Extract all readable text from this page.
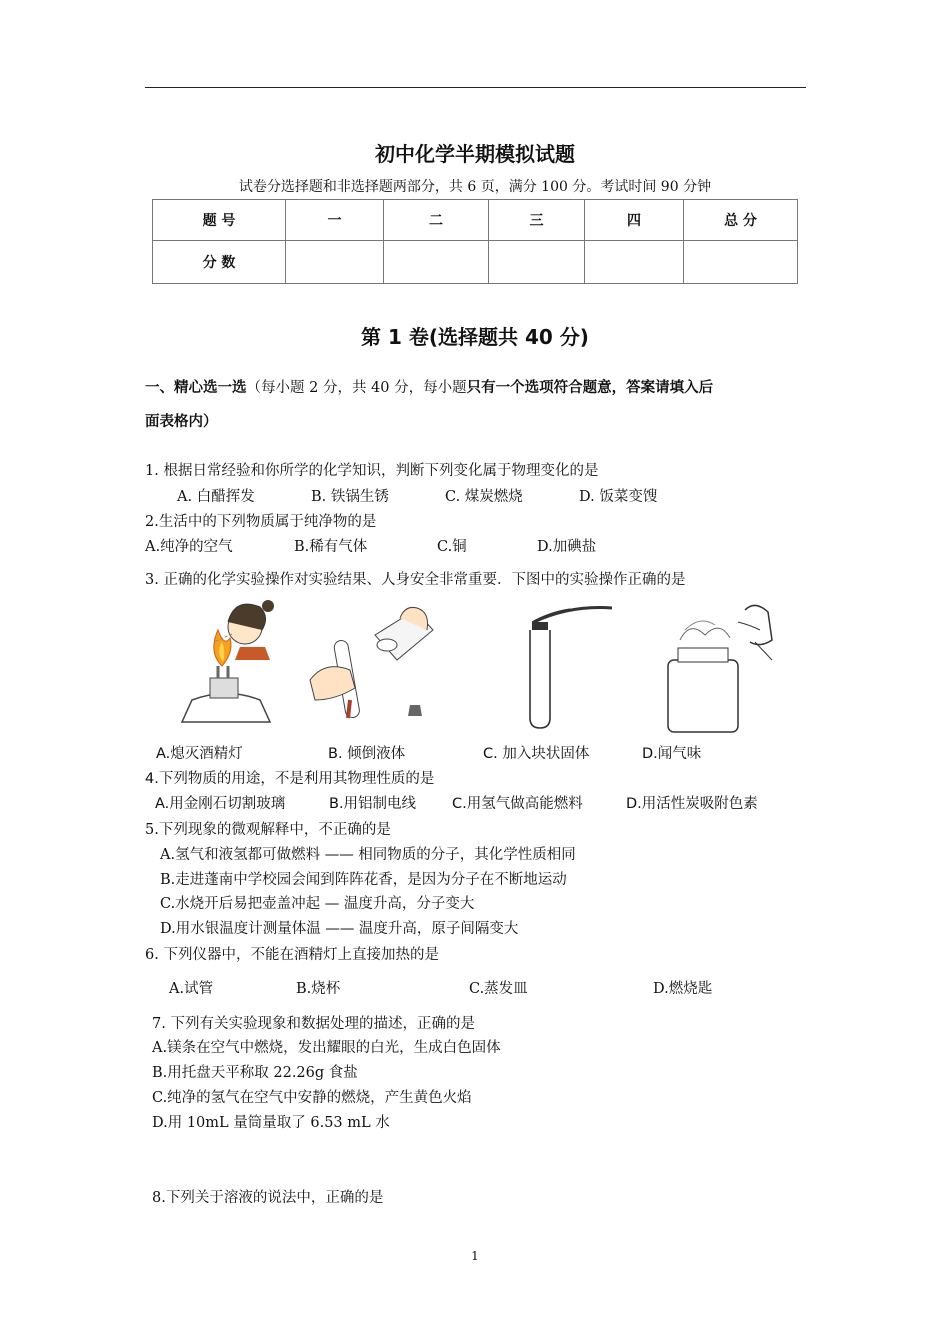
初中化学半期模拟试题
试卷分选择题和非选择题两部分，共 6 页，满分 100 分。考试时间 90 分钟
题 号	一	二	三	四	总 分
分 数					
第 1 卷(选择题共 40 分)
一、精心选一选（每小题 2 分，共 40 分，每小题只有一个选项符合题意，答案请填入后
面表格内）
1. 根据日常经验和你所学的化学知识，判断下列变化属于物理变化的是
A. 白醋挥发	B. 铁锅生锈	C. 煤炭燃烧	D. 饭菜变馊
2.生活中的下列物质属于纯净物的是
A.纯净的空气	B.稀有气体	C.铜	D.加碘盐
3. 正确的化学实验操作对实验结果、人身安全非常重要．下图中的实验操作正确的是
A.熄灭酒精灯	B. 倾倒液体	C. 加入块状固体	D.闻气味
4.下列物质的用途，不是利用其物理性质的是
A.用金刚石切割玻璃	B.用铝制电线 C.用氢气做高能燃料	D.用活性炭吸附色素
5.下列现象的微观解释中，不正确的是
A.氢气和液氢都可做燃料 —— 相同物质的分子，其化学性质相同
B.走进蓬南中学校园会闻到阵阵花香，是因为分子在不断地运动
C.水烧开后易把壶盖冲起 — 温度升高，分子变大
D.用水银温度计测量体温 —— 温度升高，原子间隔变大
6. 下列仪器中，不能在酒精灯上直接加热的是
A.试管	B.烧杯	C.蒸发皿	D.燃烧匙
7. 下列有关实验现象和数据处理的描述，正确的是
A.镁条在空气中燃烧，发出耀眼的白光，生成白色固体
B.用托盘天平称取 22.26g 食盐
C.纯净的氢气在空气中安静的燃烧，产生黄色火焰
D.用 10mL 量筒量取了 6.53 mL 水
8.下列关于溶液的说法中，正确的是
1
